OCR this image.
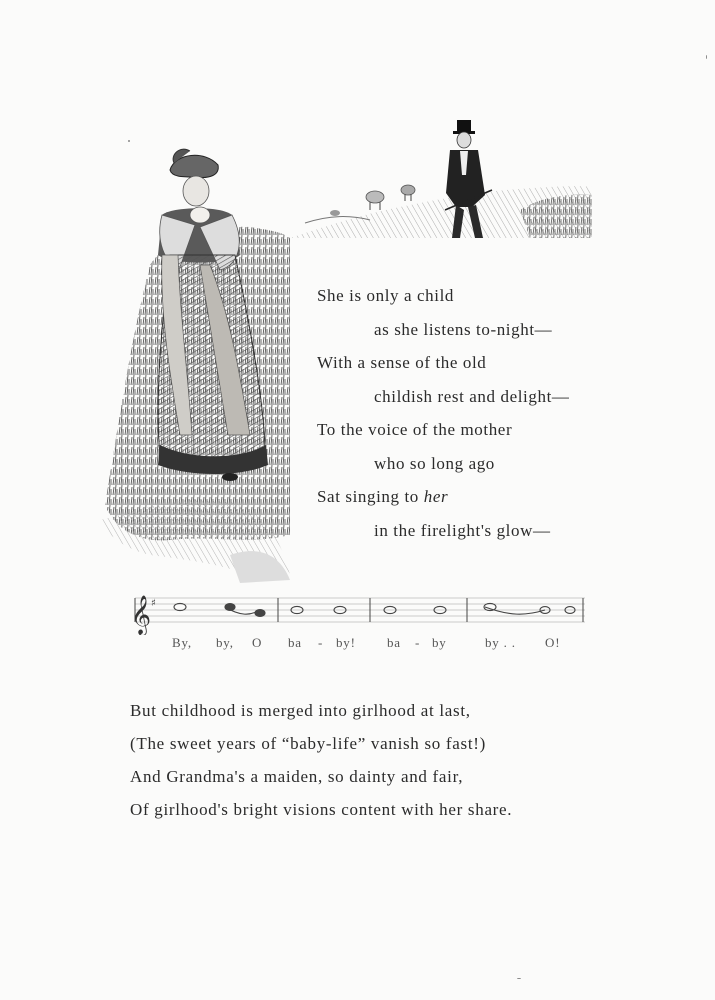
She is only a child
as she listens to-night—
With a sense of the old
childish rest and delight—
To the voice of the mother
who so long ago
Sat singing to her
in the firelight's glow—
𝄞 ♯
By, by, O ba - by! ba - by	by . . O!
But childhood is merged into girlhood at last,
(The sweet years of “baby-life” vanish so fast!)
And Grandma's a maiden, so dainty and fair,
Of girlhood's bright visions content with her share.
